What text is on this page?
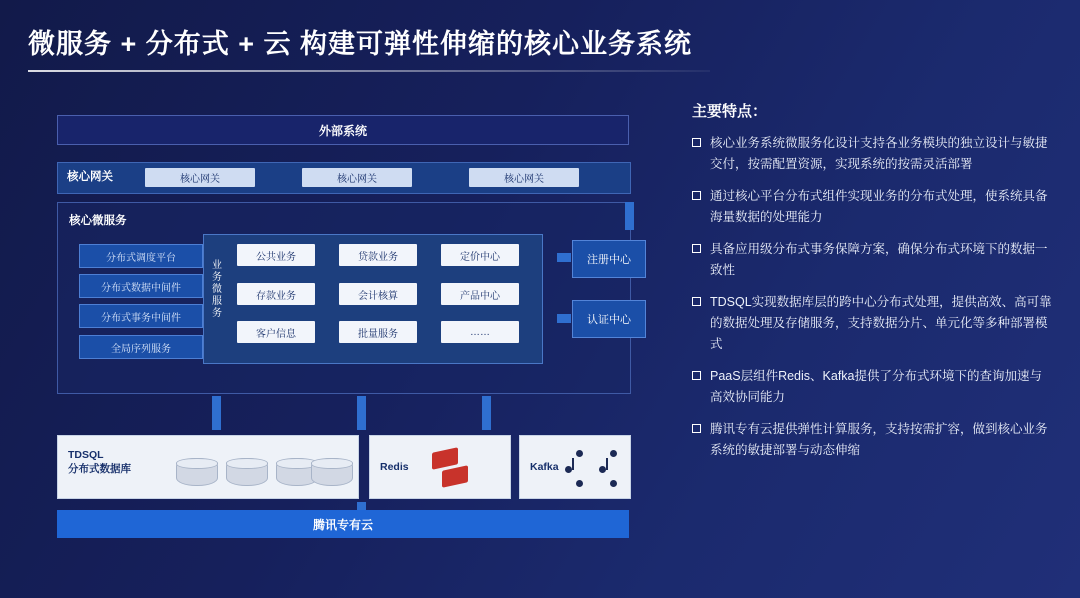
微服务 + 分布式 + 云 构建可弹性伸缩的核心业务系统
外部系统
核心网关	核心网关	核心网关	核心网关
核心微服务
分布式调度平台
分布式数据中间件
分布式事务中间件
全局序列服务
业务微服务
公共业务	贷款业务	定价中心
存款业务	会计核算	产品中心
客户信息	批量服务	……
注册中心
认证中心
TDSQL
分布式数据库	Redis	Kafka
腾讯专有云
主要特点：
核心业务系统微服务化设计支持各业务模块的独立设计与敏捷交付，按需配置资源，实现系统的按需灵活部署
通过核心平台分布式组件实现业务的分布式处理，使系统具备海量数据的处理能力
具备应用级分布式事务保障方案，确保分布式环境下的数据一致性
TDSQL实现数据库层的跨中心分布式处理，提供高效、高可靠的数据处理及存储服务，支持数据分片、单元化等多种部署模式
PaaS层组件Redis、Kafka提供了分布式环境下的查询加速与高效协同能力
腾讯专有云提供弹性计算服务，支持按需扩容，做到核心业务系统的敏捷部署与动态伸缩
